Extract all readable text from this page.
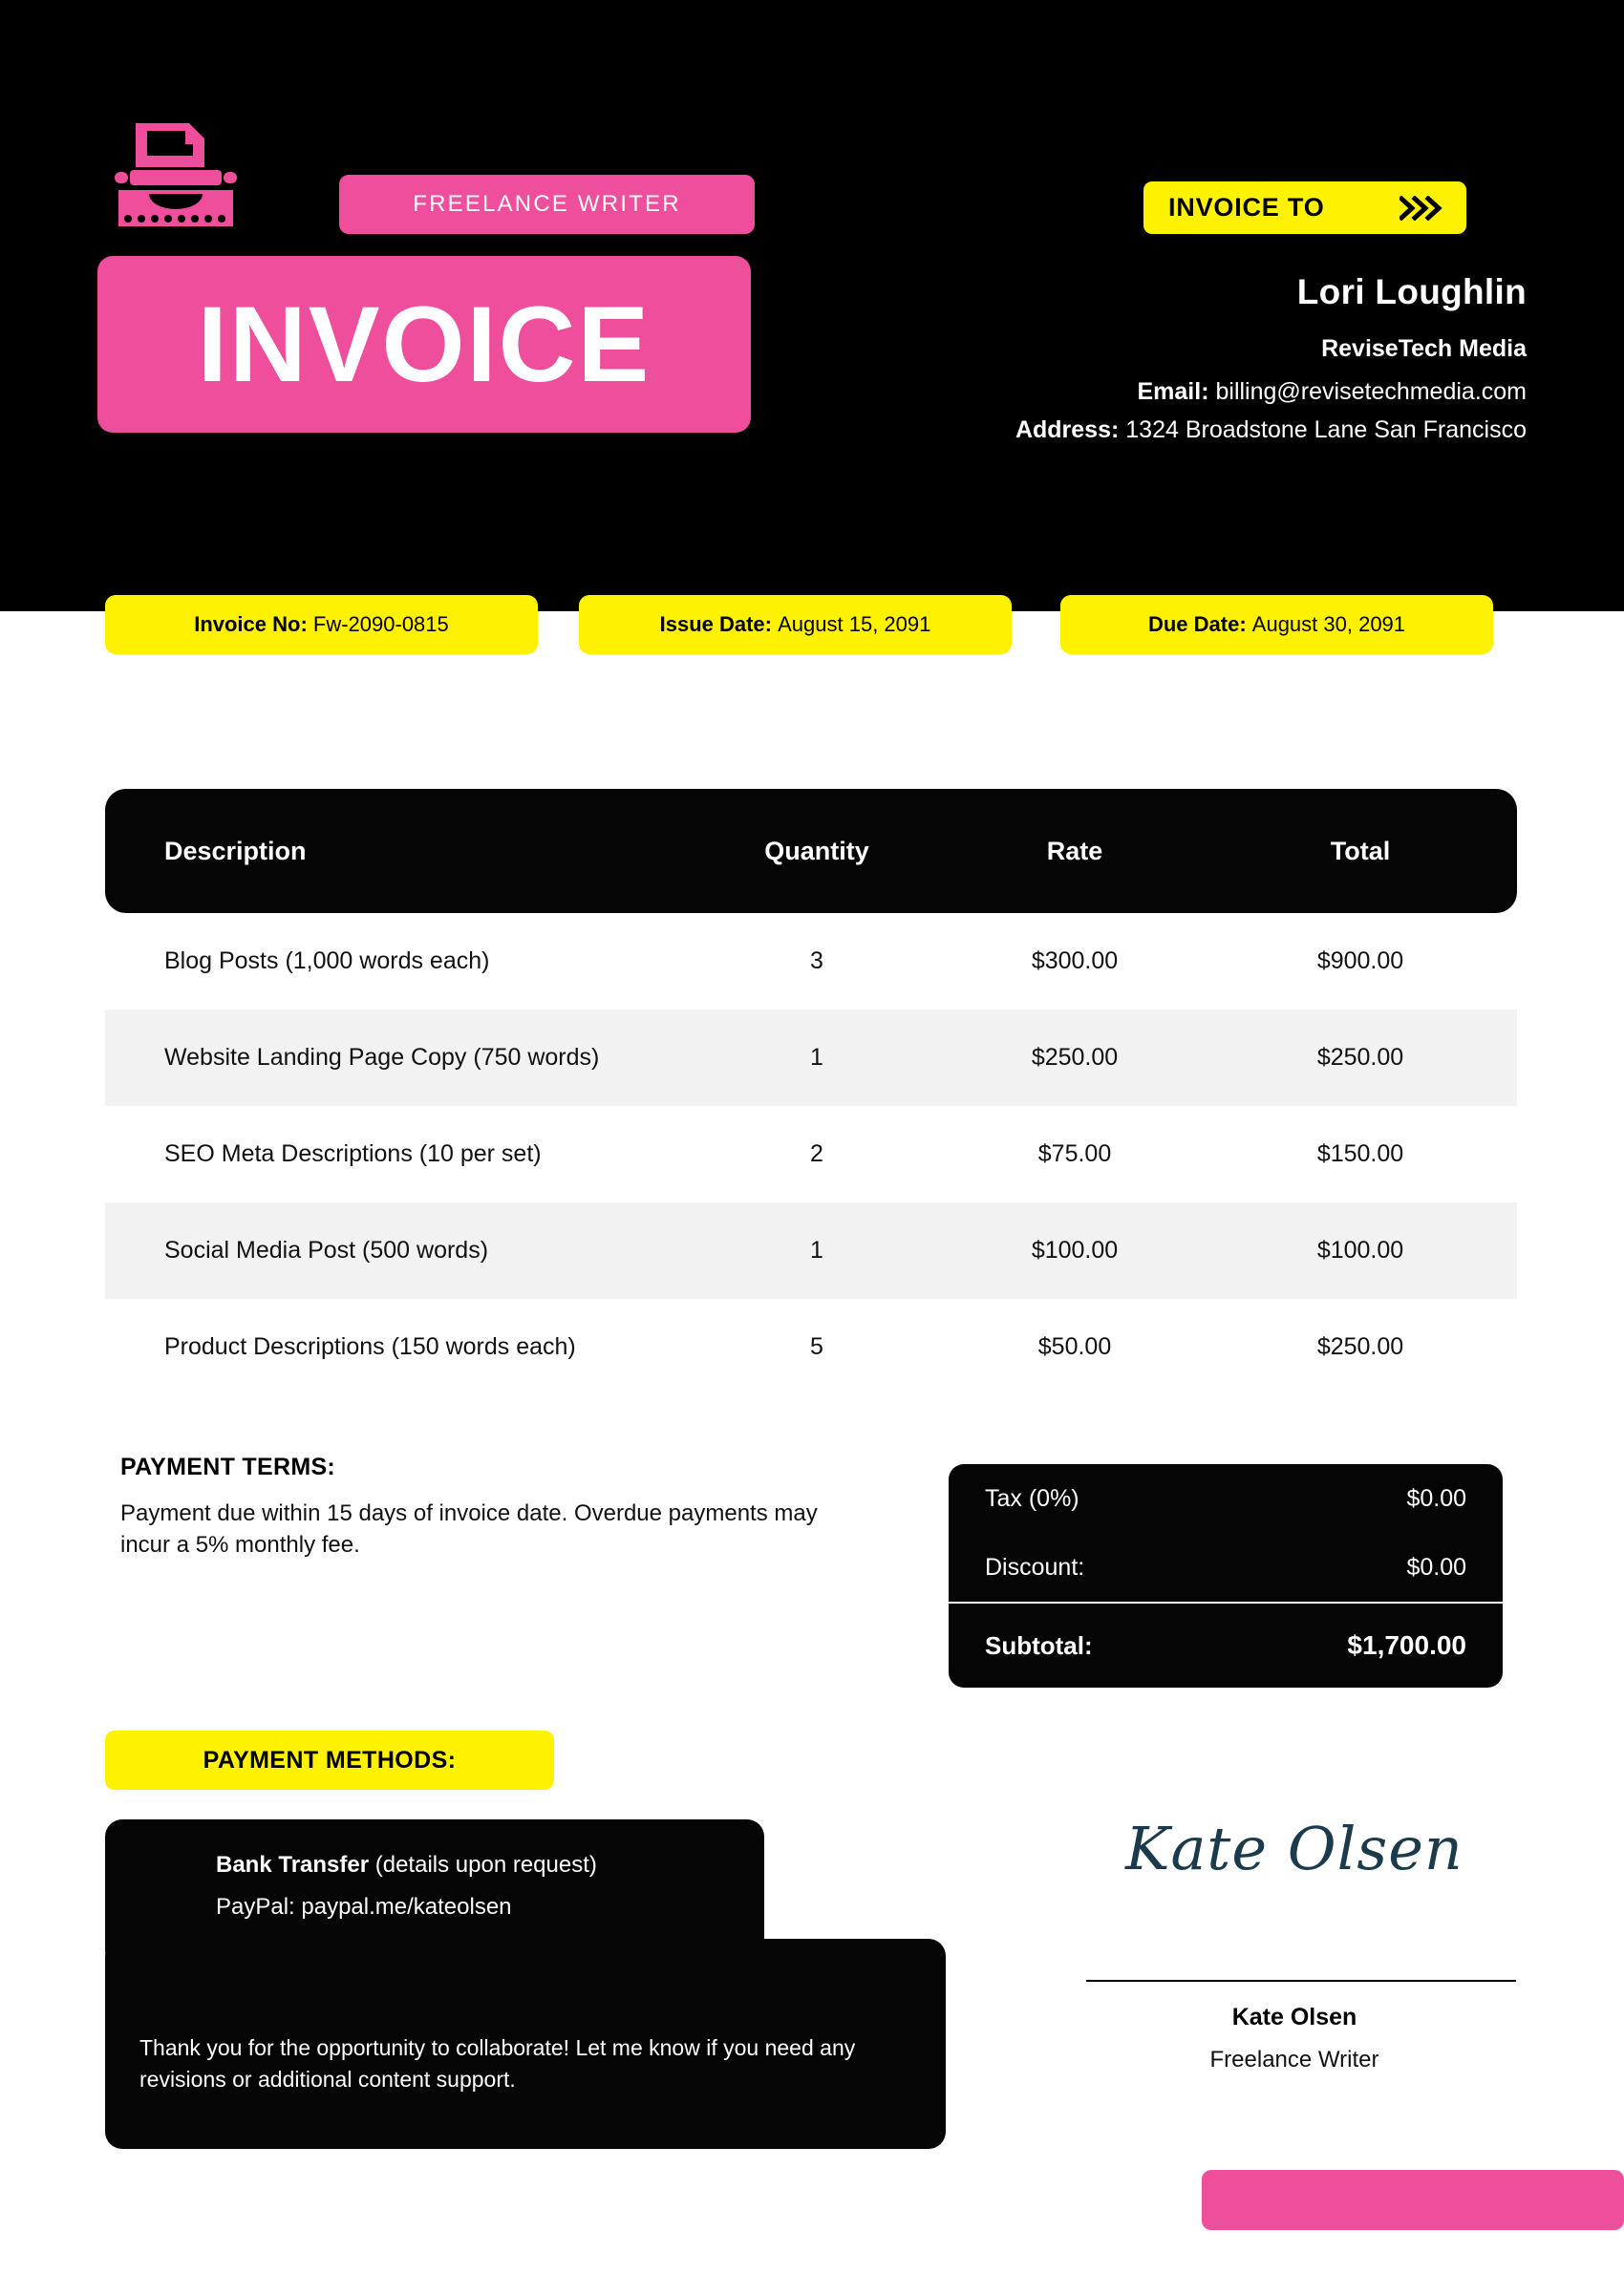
FREELANCE WRITER
INVOICE
INVOICE TO
Lori Loughlin
ReviseTech Media
Email: billing@revisetechmedia.com
Address: 1324 Broadstone Lane San Francisco
Invoice No:
Fw-2090-0815	Issue Date:
August 15, 2091	Due Date:
August 30, 2091
Description	Quantity	Rate	Total
Blog Posts (1,000 words each)	3	$300.00	$900.00
Website Landing Page Copy (750 words)	1	$250.00	$250.00
SEO Meta Descriptions (10 per set)	2	$75.00	$150.00
Social Media Post (500 words)	1	$100.00	$100.00
Product Descriptions (150 words each)	5	$50.00	$250.00
PAYMENT TERMS:
Payment due within 15 days of invoice date. Overdue payments may incur a 5% monthly fee.
Tax (0%)	$0.00
Discount:	$0.00
Subtotal:	$1,700.00
PAYMENT METHODS:
Thank you for the opportunity to collaborate! Let me know if you need any revisions or additional content support.
Bank Transfer (details upon request)
PayPal: paypal.me/kateolsen
Kate Olsen
Kate Olsen
Freelance Writer
